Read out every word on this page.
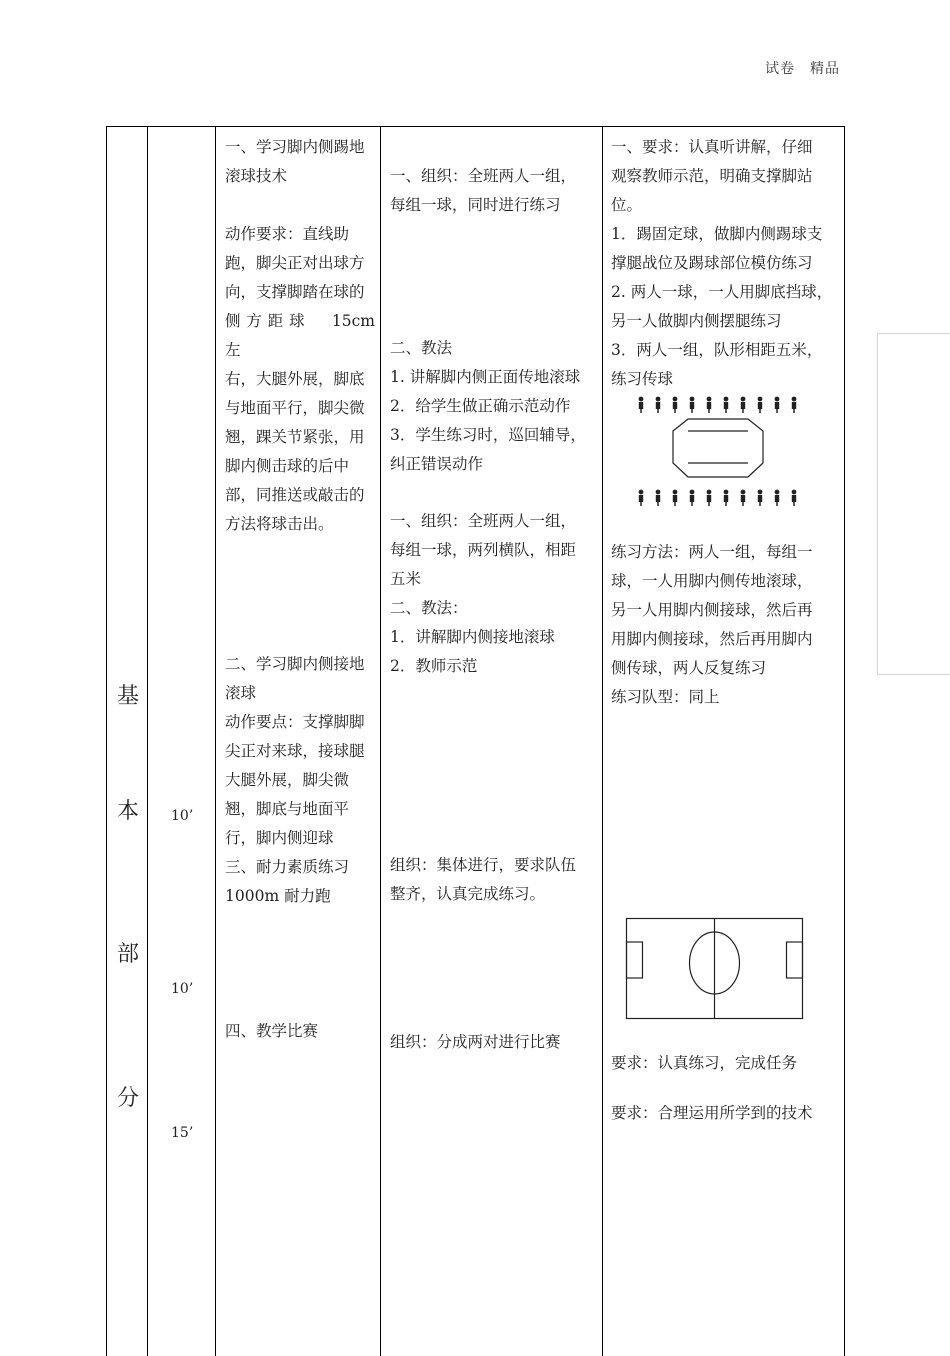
试卷　精品
基
本
部
分
10’
10’
15’

一、学习脚内侧踢地

滚球技术

动作要求：直线助

跑，脚尖正对出球方

向，支撑脚踏在球的

侧方距球　15cm　左

右，大腿外展，脚底

与地面平行，脚尖微

翘，踝关节紧张，用

脚内侧击球的后中

部，同推送或敲击的

方法将球击出。

二、学习脚内侧接地

滚球

动作要点：支撑脚脚

尖正对来球，接球腿

大腿外展，脚尖微

翘，脚底与地面平

行，脚内侧迎球

三、耐力素质练习

1000m 耐力跑

四、教学比赛

一、组织：全班两人一组，

每组一球，同时进行练习

二、教法

1. 讲解脚内侧正面传地滚球

2．给学生做正确示范动作

3．学生练习时，巡回辅导，

纠正错误动作

一、组织：全班两人一组，

每组一球，两列横队，相距

五米

二、教法：

1．讲解脚内侧接地滚球

2．教师示范

组织：集体进行，要求队伍

整齐，认真完成练习。

组织：分成两对进行比赛

一、要求：认真听讲解，仔细

观察教师示范，明确支撑脚站

位。

1．踢固定球，做脚内侧踢球支

撑腿战位及踢球部位模仿练习

2. 两人一球，一人用脚底挡球，

另一人做脚内侧摆腿练习

3．两人一组，队形相距五米，

练习传球

练习方法：两人一组，每组一

球，一人用脚内侧传地滚球，

另一人用脚内侧接球，然后再

用脚内侧接球，然后再用脚内

侧传球，两人反复练习

练习队型：同上

要求：认真练习，完成任务

要求：合理运用所学到的技术
